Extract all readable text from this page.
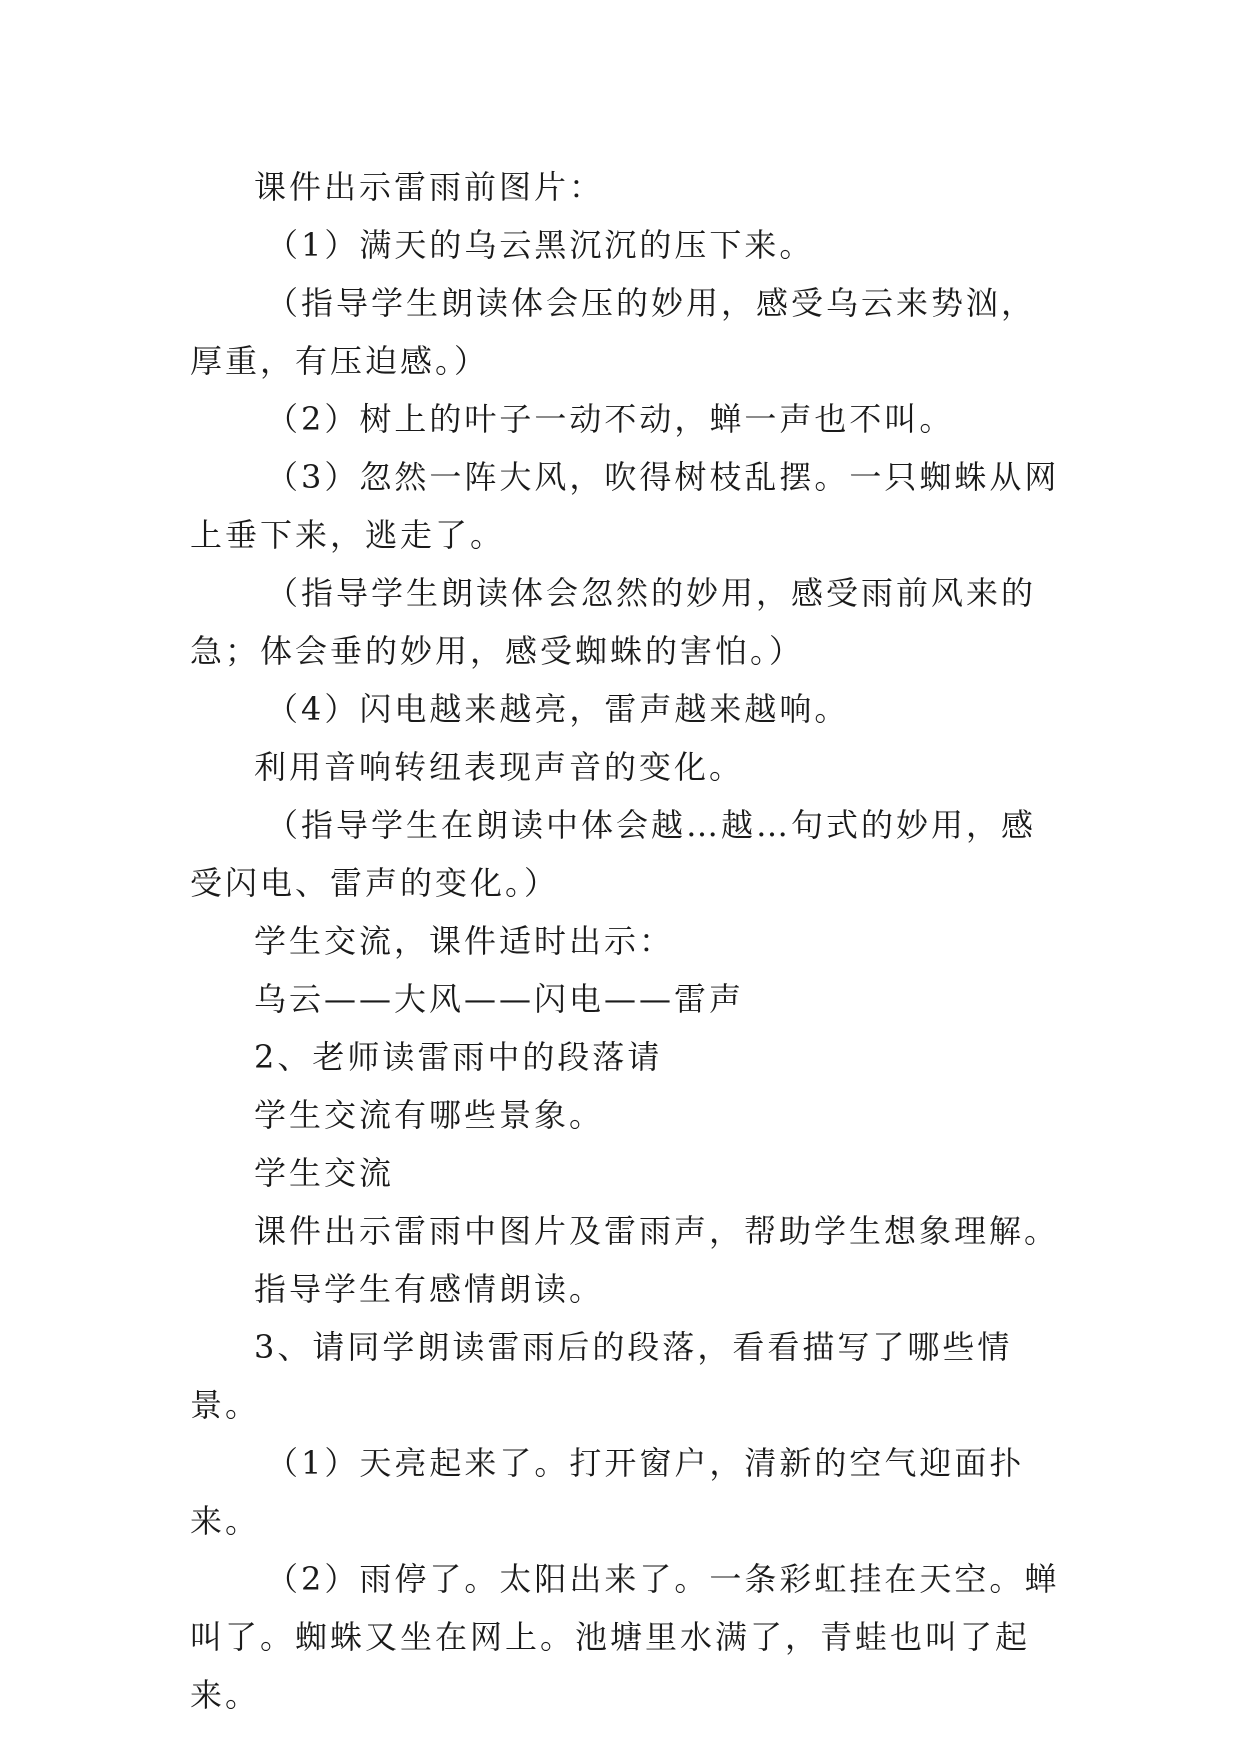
课件出示雷雨前图片：

（1）满天的乌云黑沉沉的压下来。

（指导学生朗读体会压的妙用，感受乌云来势汹，厚重，有压迫感。）

（2）树上的叶子一动不动，蝉一声也不叫。

（3）忽然一阵大风，吹得树枝乱摆。一只蜘蛛从网上垂下来，逃走了。

（指导学生朗读体会忽然的妙用，感受雨前风来的急；体会垂的妙用，感受蜘蛛的害怕。）

（4）闪电越来越亮，雷声越来越响。

利用音响转纽表现声音的变化。

（指导学生在朗读中体会越…越…句式的妙用，感受闪电、雷声的变化。）

学生交流，课件适时出示：

乌云——大风——闪电——雷声

2、老师读雷雨中的段落请

学生交流有哪些景象。

学生交流

课件出示雷雨中图片及雷雨声，帮助学生想象理解。

指导学生有感情朗读。

3、请同学朗读雷雨后的段落，看看描写了哪些情景。

（1）天亮起来了。打开窗户，清新的空气迎面扑来。

（2）雨停了。太阳出来了。一条彩虹挂在天空。蝉叫了。蜘蛛又坐在网上。池塘里水满了，青蛙也叫了起来。
